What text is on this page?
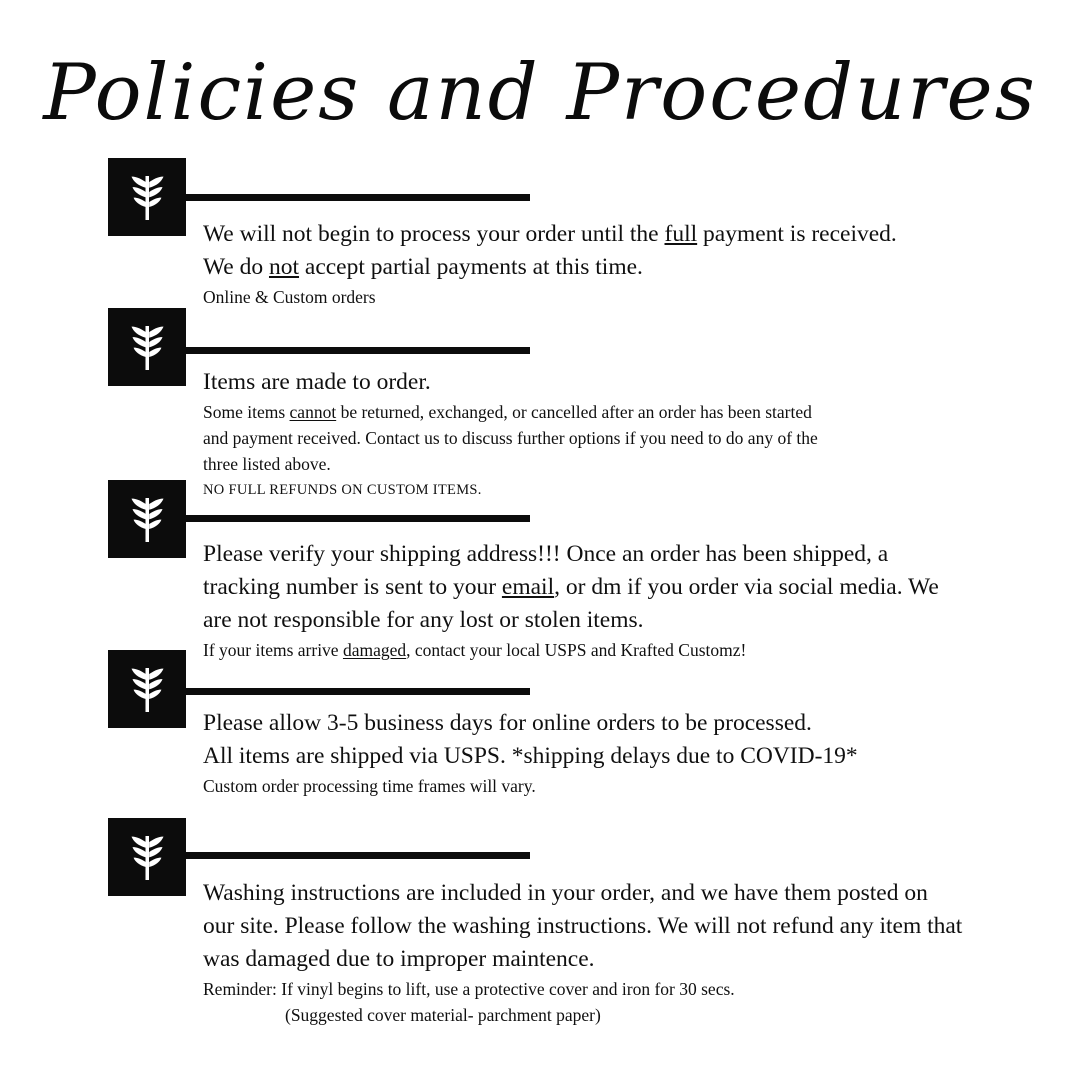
Policies and Procedures
We will not begin to process your order until the full payment is received.
We do not accept partial payments at this time.
Online & Custom orders
Items are made to order.
Some items cannot be returned, exchanged, or cancelled after an order has been started
and payment received. Contact us to discuss further options if you need to do any of the
three listed above.
NO FULL REFUNDS ON CUSTOM ITEMS.
Please verify your shipping address!!! Once an order has been shipped, a
tracking number is sent to your email, or dm if you order via social media. We
are not responsible for any lost or stolen items.
If your items arrive damaged, contact your local USPS and Krafted Customz!
Please allow 3-5 business days for online orders to be processed.
All items are shipped via USPS. *shipping delays due to COVID-19*
Custom order processing time frames will vary.
Washing instructions are included in your order, and we have them posted on
our site. Please follow the washing instructions. We will not refund any item that
was damaged due to improper maintence.
Reminder: If vinyl begins to lift, use a protective cover and iron for 30 secs.
(Suggested cover material- parchment paper)
